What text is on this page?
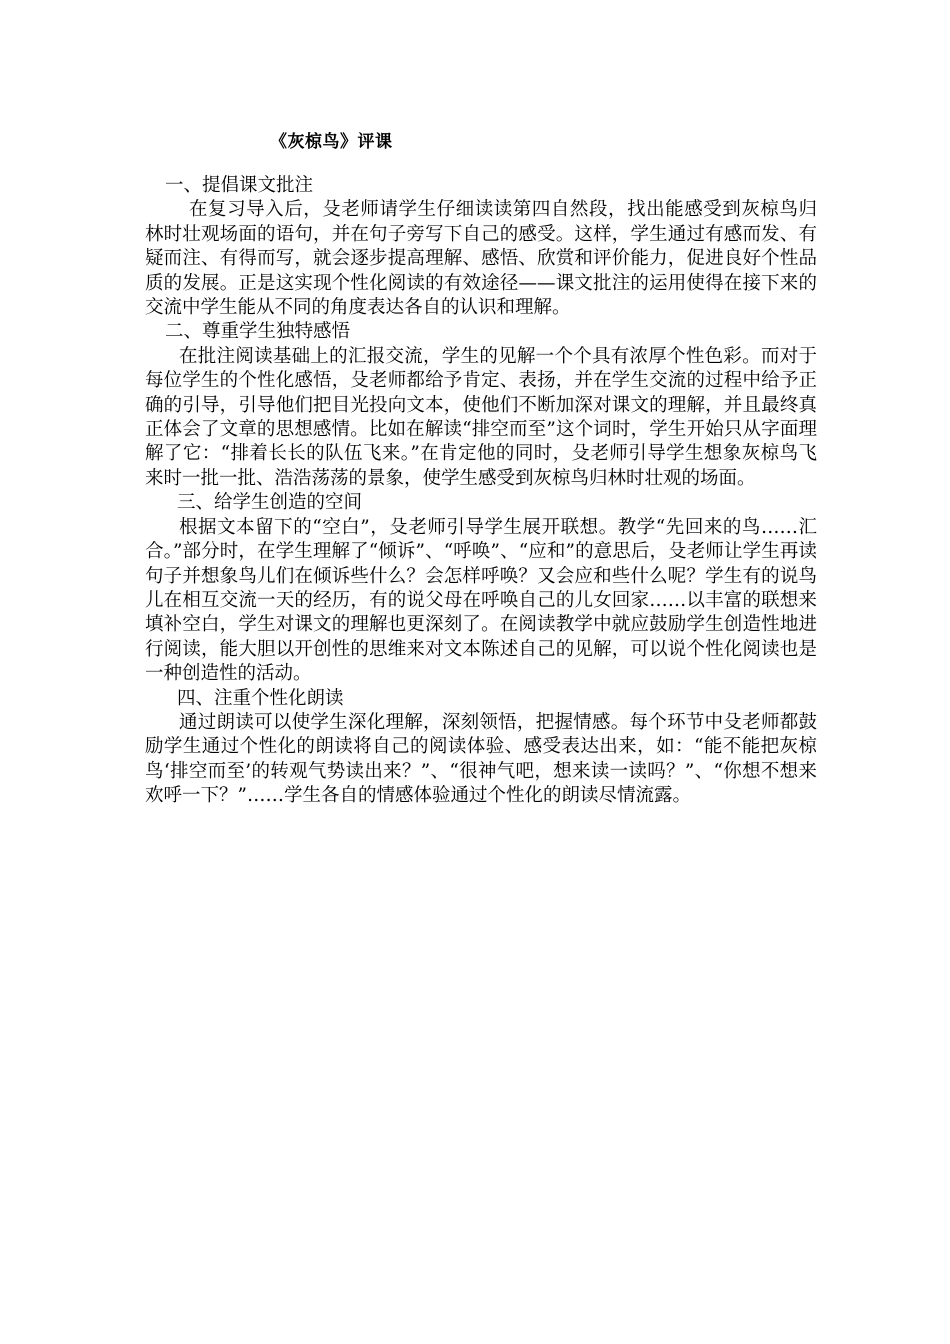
《灰椋鸟》评课

一、提倡课文批注

在复习导入后，殳老师请学生仔细读读第四自然段，找出能感受到灰椋鸟归林时壮观场面的语句，并在句子旁写下自己的感受。这样，学生通过有感而发、有疑而注、有得而写，就会逐步提高理解、感悟、欣赏和评价能力，促进良好个性品质的发展。正是这实现个性化阅读的有效途径——课文批注的运用使得在接下来的交流中学生能从不同的角度表达各自的认识和理解。

二、尊重学生独特感悟

在批注阅读基础上的汇报交流，学生的见解一个个具有浓厚个性色彩。而对于每位学生的个性化感悟，殳老师都给予肯定、表扬，并在学生交流的过程中给予正确的引导，引导他们把目光投向文本，使他们不断加深对课文的理解，并且最终真正体会了文章的思想感情。比如在解读“排空而至”这个词时，学生开始只从字面理解了它：“排着长长的队伍飞来。”在肯定他的同时，殳老师引导学生想象灰椋鸟飞来时一批一批、浩浩荡荡的景象，使学生感受到灰椋鸟归林时壮观的场面。

三、给学生创造的空间

根据文本留下的“空白”，殳老师引导学生展开联想。教学“先回来的鸟……汇合。”部分时，在学生理解了“倾诉”、“呼唤”、“应和”的意思后，殳老师让学生再读句子并想象鸟儿们在倾诉些什么？会怎样呼唤？又会应和些什么呢？学生有的说鸟儿在相互交流一天的经历，有的说父母在呼唤自己的儿女回家……以丰富的联想来填补空白，学生对课文的理解也更深刻了。在阅读教学中就应鼓励学生创造性地进行阅读，能大胆以开创性的思维来对文本陈述自己的见解，可以说个性化阅读也是一种创造性的活动。

四、注重个性化朗读

通过朗读可以使学生深化理解，深刻领悟，把握情感。每个环节中殳老师都鼓励学生通过个性化的朗读将自己的阅读体验、感受表达出来，如：“能不能把灰椋鸟‘排空而至’的转观气势读出来？”、“很神气吧，想来读一读吗？”、“你想不想来欢呼一下？”……学生各自的情感体验通过个性化的朗读尽情流露。
